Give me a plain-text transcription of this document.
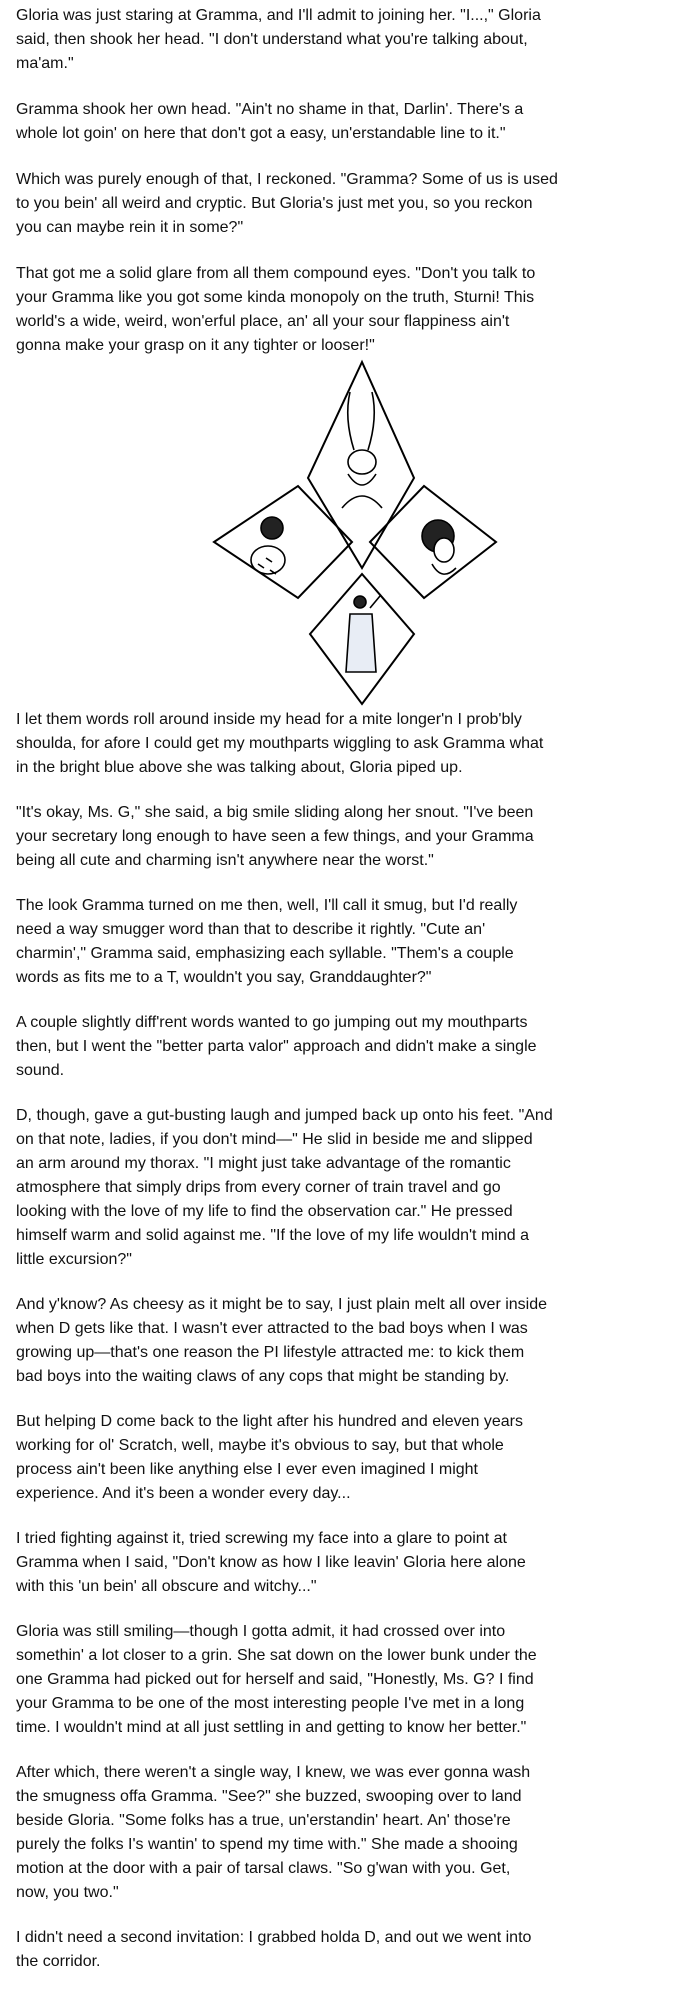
Gloria was just staring at Gramma, and I'll admit to joining her. "I...," Gloria
said, then shook her head. "I don't understand what you're talking about,
ma'am."

Gramma shook her own head. "Ain't no shame in that, Darlin'. There's a
whole lot goin' on here that don't got a easy, un'erstandable line to it."

Which was purely enough of that, I reckoned. "Gramma? Some of us is used
to you bein' all weird and cryptic. But Gloria's just met you, so you reckon
you can maybe rein it in some?"

That got me a solid glare from all them compound eyes. "Don't you talk to
your Gramma like you got some kinda monopoly on the truth, Sturni! This
world's a wide, weird, won'erful place, an' all your sour flappiness ain't
gonna make your grasp on it any tighter or looser!"

I let them words roll around inside my head for a mite longer'n I prob'bly
shoulda, for afore I could get my mouthparts wiggling to ask Gramma what
in the bright blue above she was talking about, Gloria piped up.

"It's okay, Ms. G," she said, a big smile sliding along her snout. "I've been
your secretary long enough to have seen a few things, and your Gramma
being all cute and charming isn't anywhere near the worst."

The look Gramma turned on me then, well, I'll call it smug, but I'd really
need a way smugger word than that to describe it rightly. "Cute an'
charmin'," Gramma said, emphasizing each syllable. "Them's a couple
words as fits me to a T, wouldn't you say, Granddaughter?"

A couple slightly diff'rent words wanted to go jumping out my mouthparts
then, but I went the "better parta valor" approach and didn't make a single
sound.

D, though, gave a gut-busting laugh and jumped back up onto his feet. "And
on that note, ladies, if you don't mind—" He slid in beside me and slipped
an arm around my thorax. "I might just take advantage of the romantic
atmosphere that simply drips from every corner of train travel and go
looking with the love of my life to find the observation car." He pressed
himself warm and solid against me. "If the love of my life wouldn't mind a
little excursion?"

And y'know? As cheesy as it might be to say, I just plain melt all over inside
when D gets like that. I wasn't ever attracted to the bad boys when I was
growing up—that's one reason the PI lifestyle attracted me: to kick them
bad boys into the waiting claws of any cops that might be standing by.

But helping D come back to the light after his hundred and eleven years
working for ol' Scratch, well, maybe it's obvious to say, but that whole
process ain't been like anything else I ever even imagined I might
experience. And it's been a wonder every day...

I tried fighting against it, tried screwing my face into a glare to point at
Gramma when I said, "Don't know as how I like leavin' Gloria here alone
with this 'un bein' all obscure and witchy..."

Gloria was still smiling—though I gotta admit, it had crossed over into
somethin' a lot closer to a grin. She sat down on the lower bunk under the
one Gramma had picked out for herself and said, "Honestly, Ms. G? I find
your Gramma to be one of the most interesting people I've met in a long
time. I wouldn't mind at all just settling in and getting to know her better."

After which, there weren't a single way, I knew, we was ever gonna wash
the smugness offa Gramma. "See?" she buzzed, swooping over to land
beside Gloria. "Some folks has a true, un'erstandin' heart. An' those're
purely the folks I's wantin' to spend my time with." She made a shooing
motion at the door with a pair of tarsal claws. "So g'wan with you. Get,
now, you two."

I didn't need a second invitation: I grabbed holda D, and out we went into
the corridor.
